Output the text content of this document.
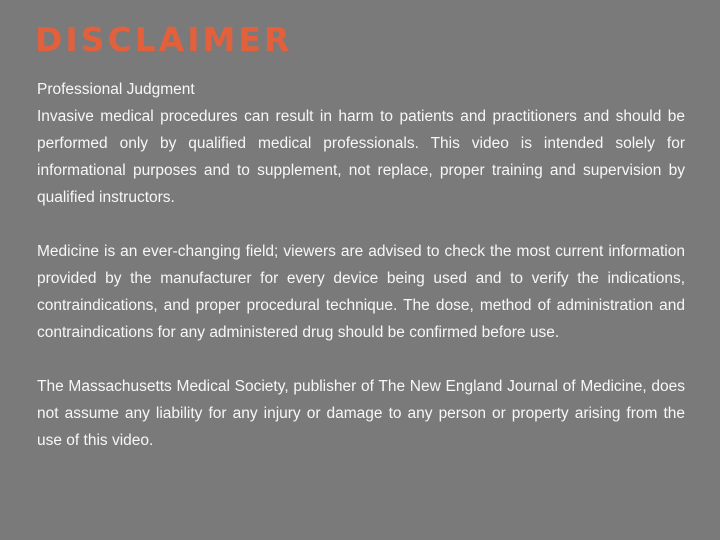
DISCLAIMER
Professional Judgment

Invasive medical procedures can result in harm to patients and practitioners and should be performed only by qualified medical professionals. This video is intended solely for informational purposes and to supplement, not replace, proper training and supervision by qualified instructors.

Medicine is an ever-changing field; viewers are advised to check the most current information provided by the manufacturer for every device being used and to verify the indications, contraindications, and proper procedural technique. The dose, method of administration and contraindications for any administered drug should be confirmed before use.

The Massachusetts Medical Society, publisher of The New England Journal of Medicine, does not assume any liability for any injury or damage to any person or property arising from the use of this video.
